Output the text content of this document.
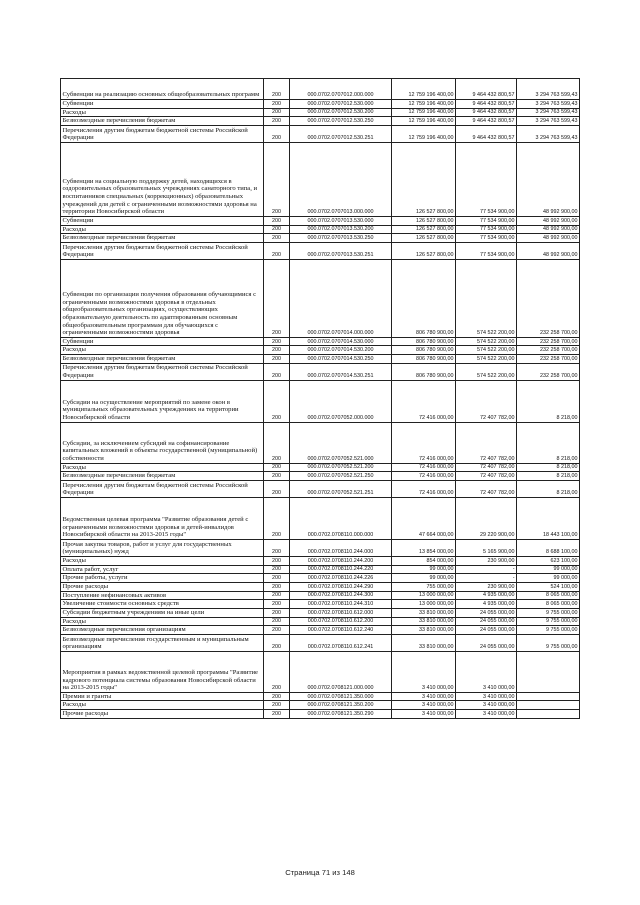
Субвенции на реализацию основных общеобразовательных программ	200	000.0702.0707012.000.000	12 759 196 400,00	9 464 432 800,57	3 294 763 599,43
Субвенции	200	000.0702.0707012.530.000	12 759 196 400,00	9 464 432 800,57	3 294 763 599,43
Расходы	200	000.0702.0707012.530.200	12 759 196 400,00	9 464 432 800,57	3 294 763 599,43
Безвозмездные перечисления бюджетам	200	000.0702.0707012.530.250	12 759 196 400,00	9 464 432 800,57	3 294 763 599,43
Перечисления другим бюджетам бюджетной системы Российской Федерации	200	000.0702.0707012.530.251	12 759 196 400,00	9 464 432 800,57	3 294 763 599,43
Субвенции на социальную поддержку детей, находящихся в оздоровительных образовательных учреждениях санаторного типа, и воспитанников специальных (коррекционных) образовательных учреждений для детей с ограниченными возможностями здоровья на территории Новосибирской области	200	000.0702.0707013.000.000	126 527 800,00	77 534 900,00	48 992 900,00
Субвенции	200	000.0702.0707013.530.000	126 527 800,00	77 534 900,00	48 992 900,00
Расходы	200	000.0702.0707013.530.200	126 527 800,00	77 534 900,00	48 992 900,00
Безвозмездные перечисления бюджетам	200	000.0702.0707013.530.250	126 527 800,00	77 534 900,00	48 992 900,00
Перечисления другим бюджетам бюджетной системы Российской Федерации	200	000.0702.0707013.530.251	126 527 800,00	77 534 900,00	48 992 900,00
Субвенции по организации получения образования обучающимися с ограниченными возможностями здоровья в отдельных общеобразовательных организациях, осуществляющих образовательную деятельность по адаптированным основным общеобразовательным программам для обучающихся с ограниченными возможностями здоровья	200	000.0702.0707014.000.000	806 780 900,00	574 522 200,00	232 258 700,00
Субвенции	200	000.0702.0707014.530.000	806 780 900,00	574 522 200,00	232 258 700,00
Расходы	200	000.0702.0707014.530.200	806 780 900,00	574 522 200,00	232 258 700,00
Безвозмездные перечисления бюджетам	200	000.0702.0707014.530.250	806 780 900,00	574 522 200,00	232 258 700,00
Перечисления другим бюджетам бюджетной системы Российской Федерации	200	000.0702.0707014.530.251	806 780 900,00	574 522 200,00	232 258 700,00
Субсидии на осуществление мероприятий по замене окон в муниципальных образовательных учреждениях на территории Новосибирской области	200	000.0702.0707052.000.000	72 416 000,00	72 407 782,00	8 218,00
Субсидии, за исключением субсидий на софинансирование капитальных вложений в объекты государственной (муниципальной) собственности	200	000.0702.0707052.521.000	72 416 000,00	72 407 782,00	8 218,00
Расходы	200	000.0702.0707052.521.200	72 416 000,00	72 407 782,00	8 218,00
Безвозмездные перечисления бюджетам	200	000.0702.0707052.521.250	72 416 000,00	72 407 782,00	8 218,00
Перечисления другим бюджетам бюджетной системы Российской Федерации	200	000.0702.0707052.521.251	72 416 000,00	72 407 782,00	8 218,00
Ведомственная целевая программа "Развитие образования детей с ограниченными возможностями здоровья и детей-инвалидов Новосибирской области на 2013-2015 годы"	200	000.0702.0708110.000.000	47 664 000,00	29 220 900,00	18 443 100,00
Прочая закупка товаров, работ и услуг для государственных (муниципальных) нужд	200	000.0702.0708110.244.000	13 854 000,00	5 165 900,00	8 688 100,00
Расходы	200	000.0702.0708110.244.200	854 000,00	230 900,00	623 100,00
Оплата работ, услуг	200	000.0702.0708110.244.220	99 000,00	-	99 000,00
Прочие работы, услуги	200	000.0702.0708110.244.226	99 000,00	-	99 000,00
Прочие расходы	200	000.0702.0708110.244.290	755 000,00	230 900,00	524 100,00
Поступление нефинансовых активов	200	000.0702.0708110.244.300	13 000 000,00	4 935 000,00	8 065 000,00
Увеличение стоимости основных средств	200	000.0702.0708110.244.310	13 000 000,00	4 935 000,00	8 065 000,00
Субсидии бюджетным учреждениям на иные цели	200	000.0702.0708110.612.000	33 810 000,00	24 055 000,00	9 755 000,00
Расходы	200	000.0702.0708110.612.200	33 810 000,00	24 055 000,00	9 755 000,00
Безвозмездные перечисления организациям	200	000.0702.0708110.612.240	33 810 000,00	24 055 000,00	9 755 000,00
Безвозмездные перечисления государственным и муниципальным организациям	200	000.0702.0708110.612.241	33 810 000,00	24 055 000,00	9 755 000,00
Мероприятия в рамках ведомственной целевой программы "Развитие кадрового потенциала системы образования Новосибирской области на 2013-2015 годы"	200	000.0702.0708121.000.000	3 410 000,00	3 410 000,00	
Премии и гранты	200	000.0702.0708121.350.000	3 410 000,00	3 410 000,00	
Расходы	200	000.0702.0708121.350.200	3 410 000,00	3 410 000,00	
Прочие расходы	200	000.0702.0708121.350.290	3 410 000,00	3 410 000,00	
Страница 71 из 148
